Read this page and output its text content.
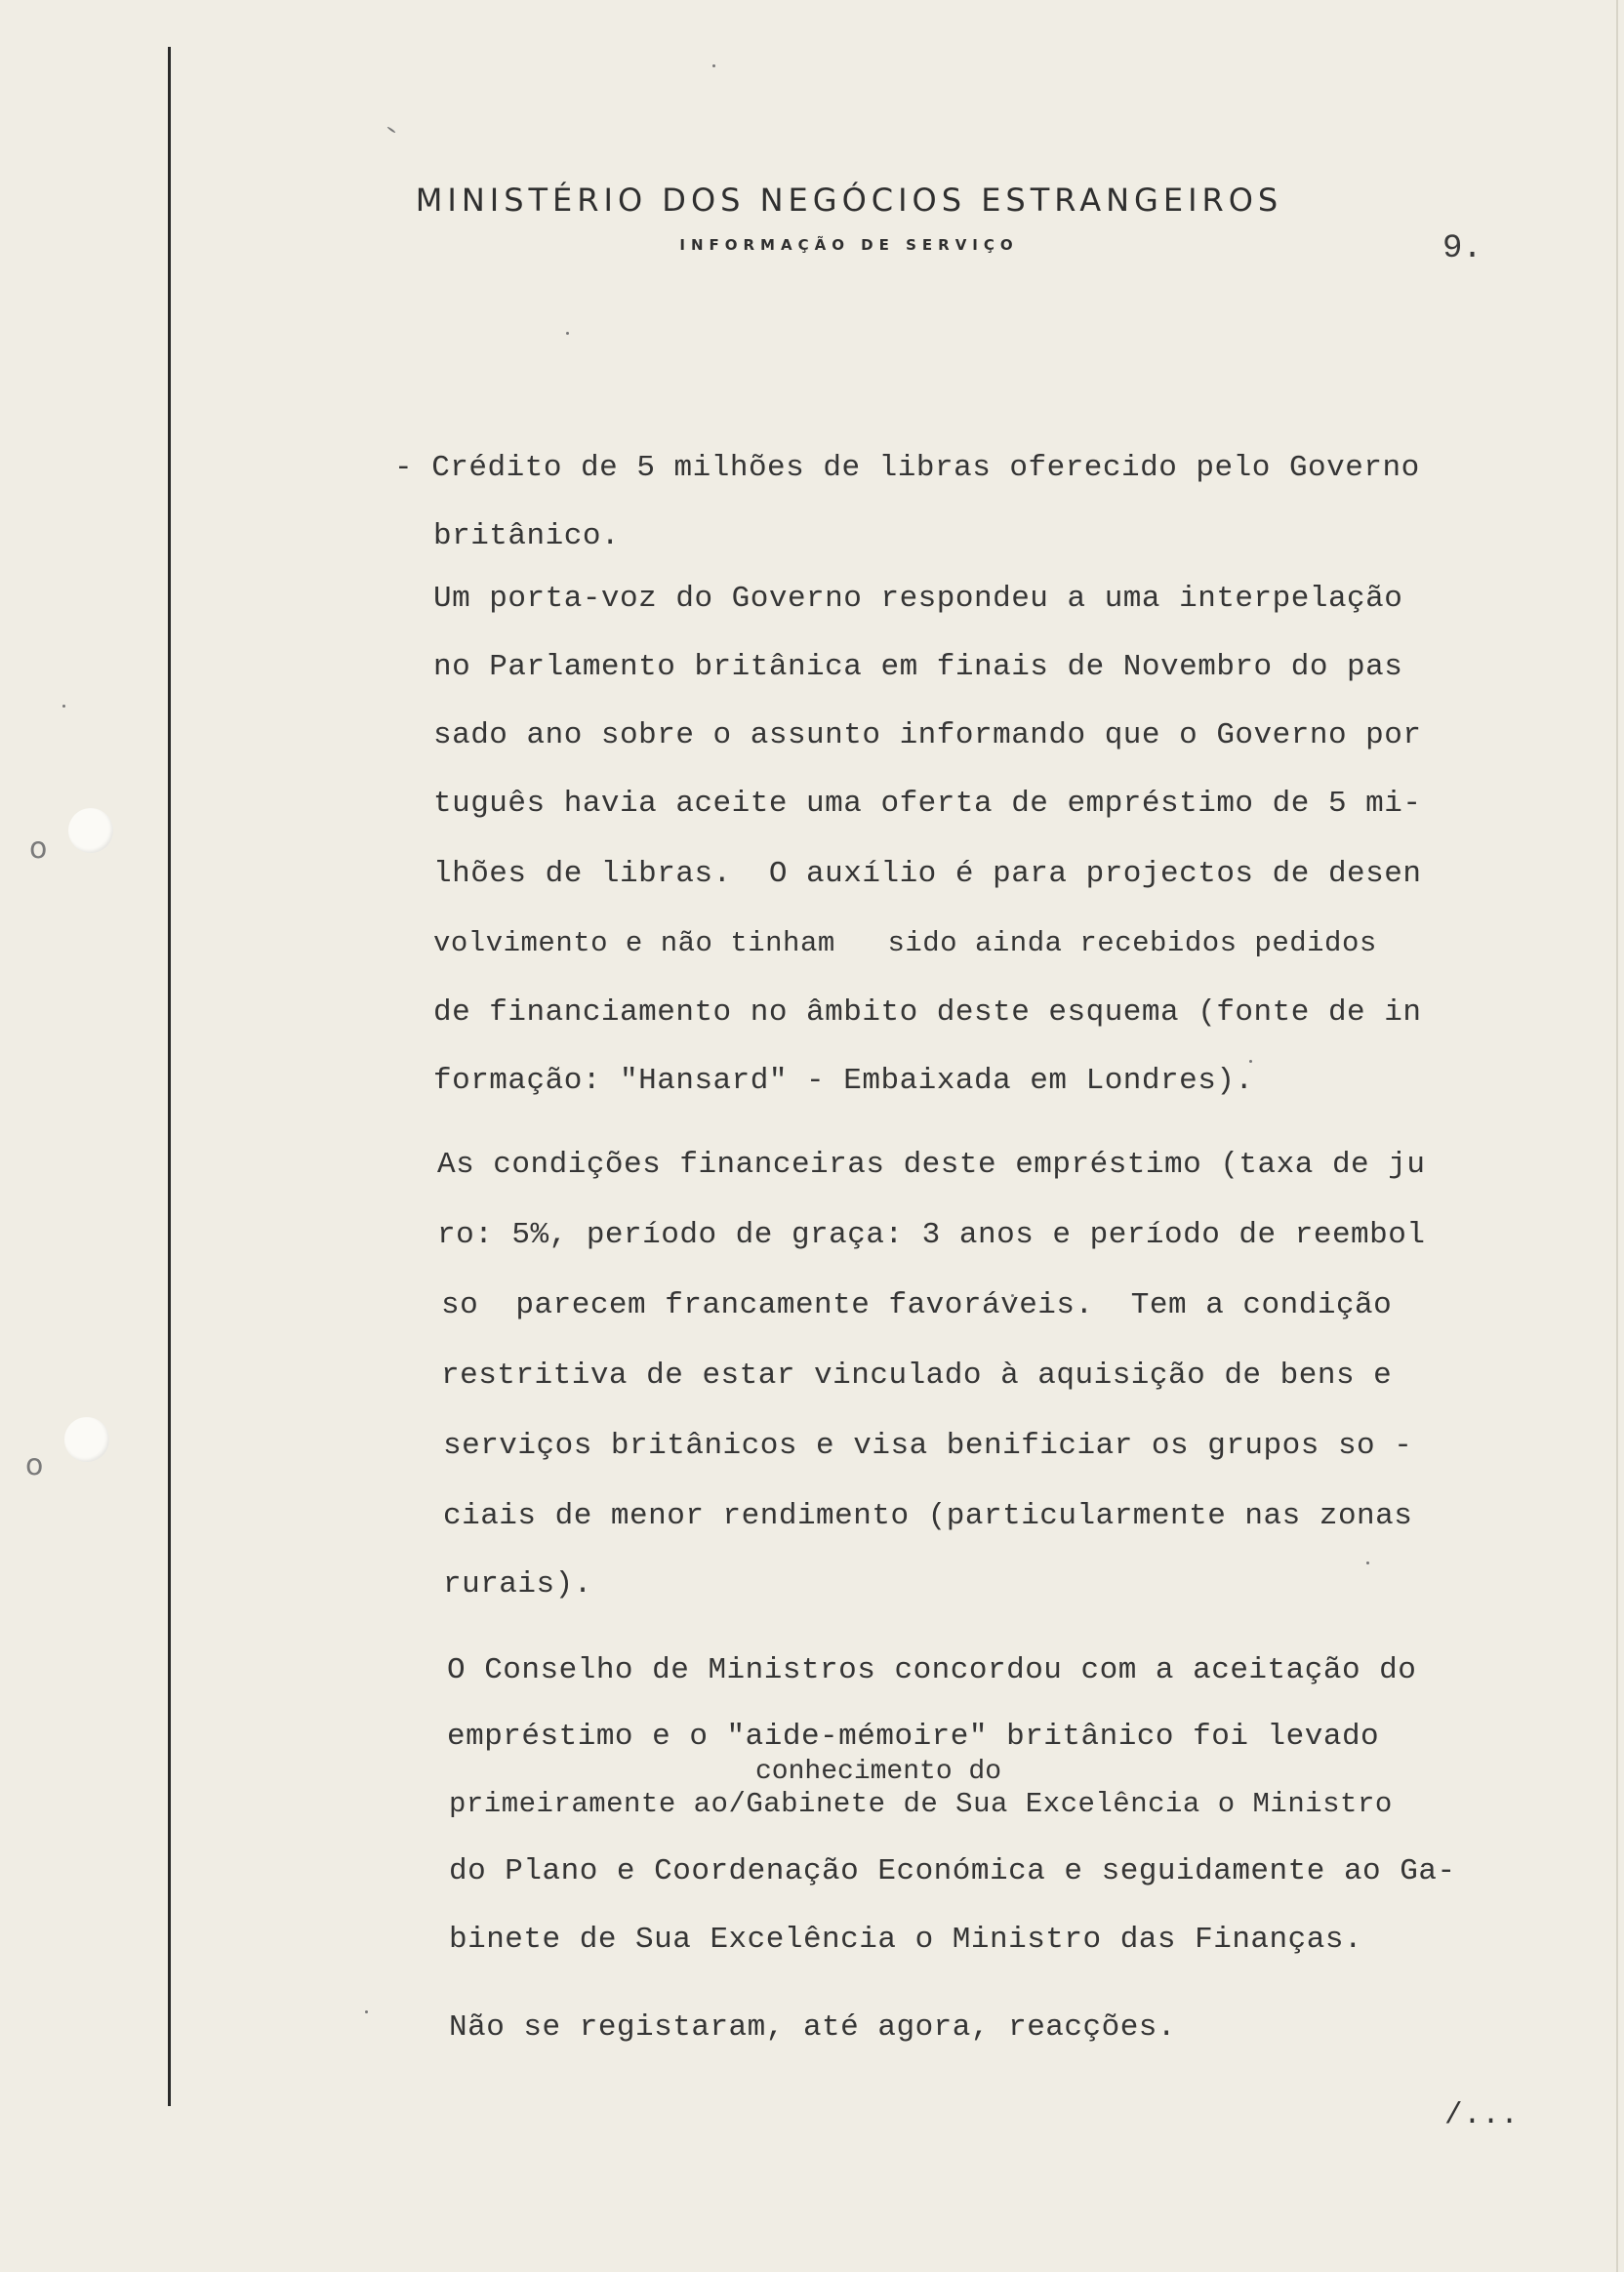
o
o
MINISTÉRIO DOS NEGÓCIOS ESTRANGEIROS
INFORMAÇÃO DE SERVIÇO	9.
- Crédito de 5 milhões de libras oferecido pelo Governo
britânico.
Um porta-voz do Governo respondeu a uma interpelação
no Parlamento britânica em finais de Novembro do pas
sado ano sobre o assunto informando que o Governo por
tuguês havia aceite uma oferta de empréstimo de 5 mi-
lhões de libras.  O auxílio é para projectos de desen
volvimento e não tinham   sido ainda recebidos pedidos
de financiamento no âmbito deste esquema (fonte de in
formação: "Hansard" - Embaixada em Londres).
As condições financeiras deste empréstimo (taxa de ju
ro: 5%, período de graça: 3 anos e período de reembol
so  parecem francamente favoráveis.  Tem a condição
restritiva de estar vinculado à aquisição de bens e
serviços britânicos e visa benificiar os grupos so -
ciais de menor rendimento (particularmente nas zonas
rurais).
O Conselho de Ministros concordou com a aceitação do
empréstimo e o "aide-mémoire" britânico foi levado
conhecimento do
primeiramente ao/Gabinete de Sua Excelência o Ministro
do Plano e Coordenação Económica e seguidamente ao Ga-
binete de Sua Excelência o Ministro das Finanças.
Não se registaram, até agora, reacções.
/...
